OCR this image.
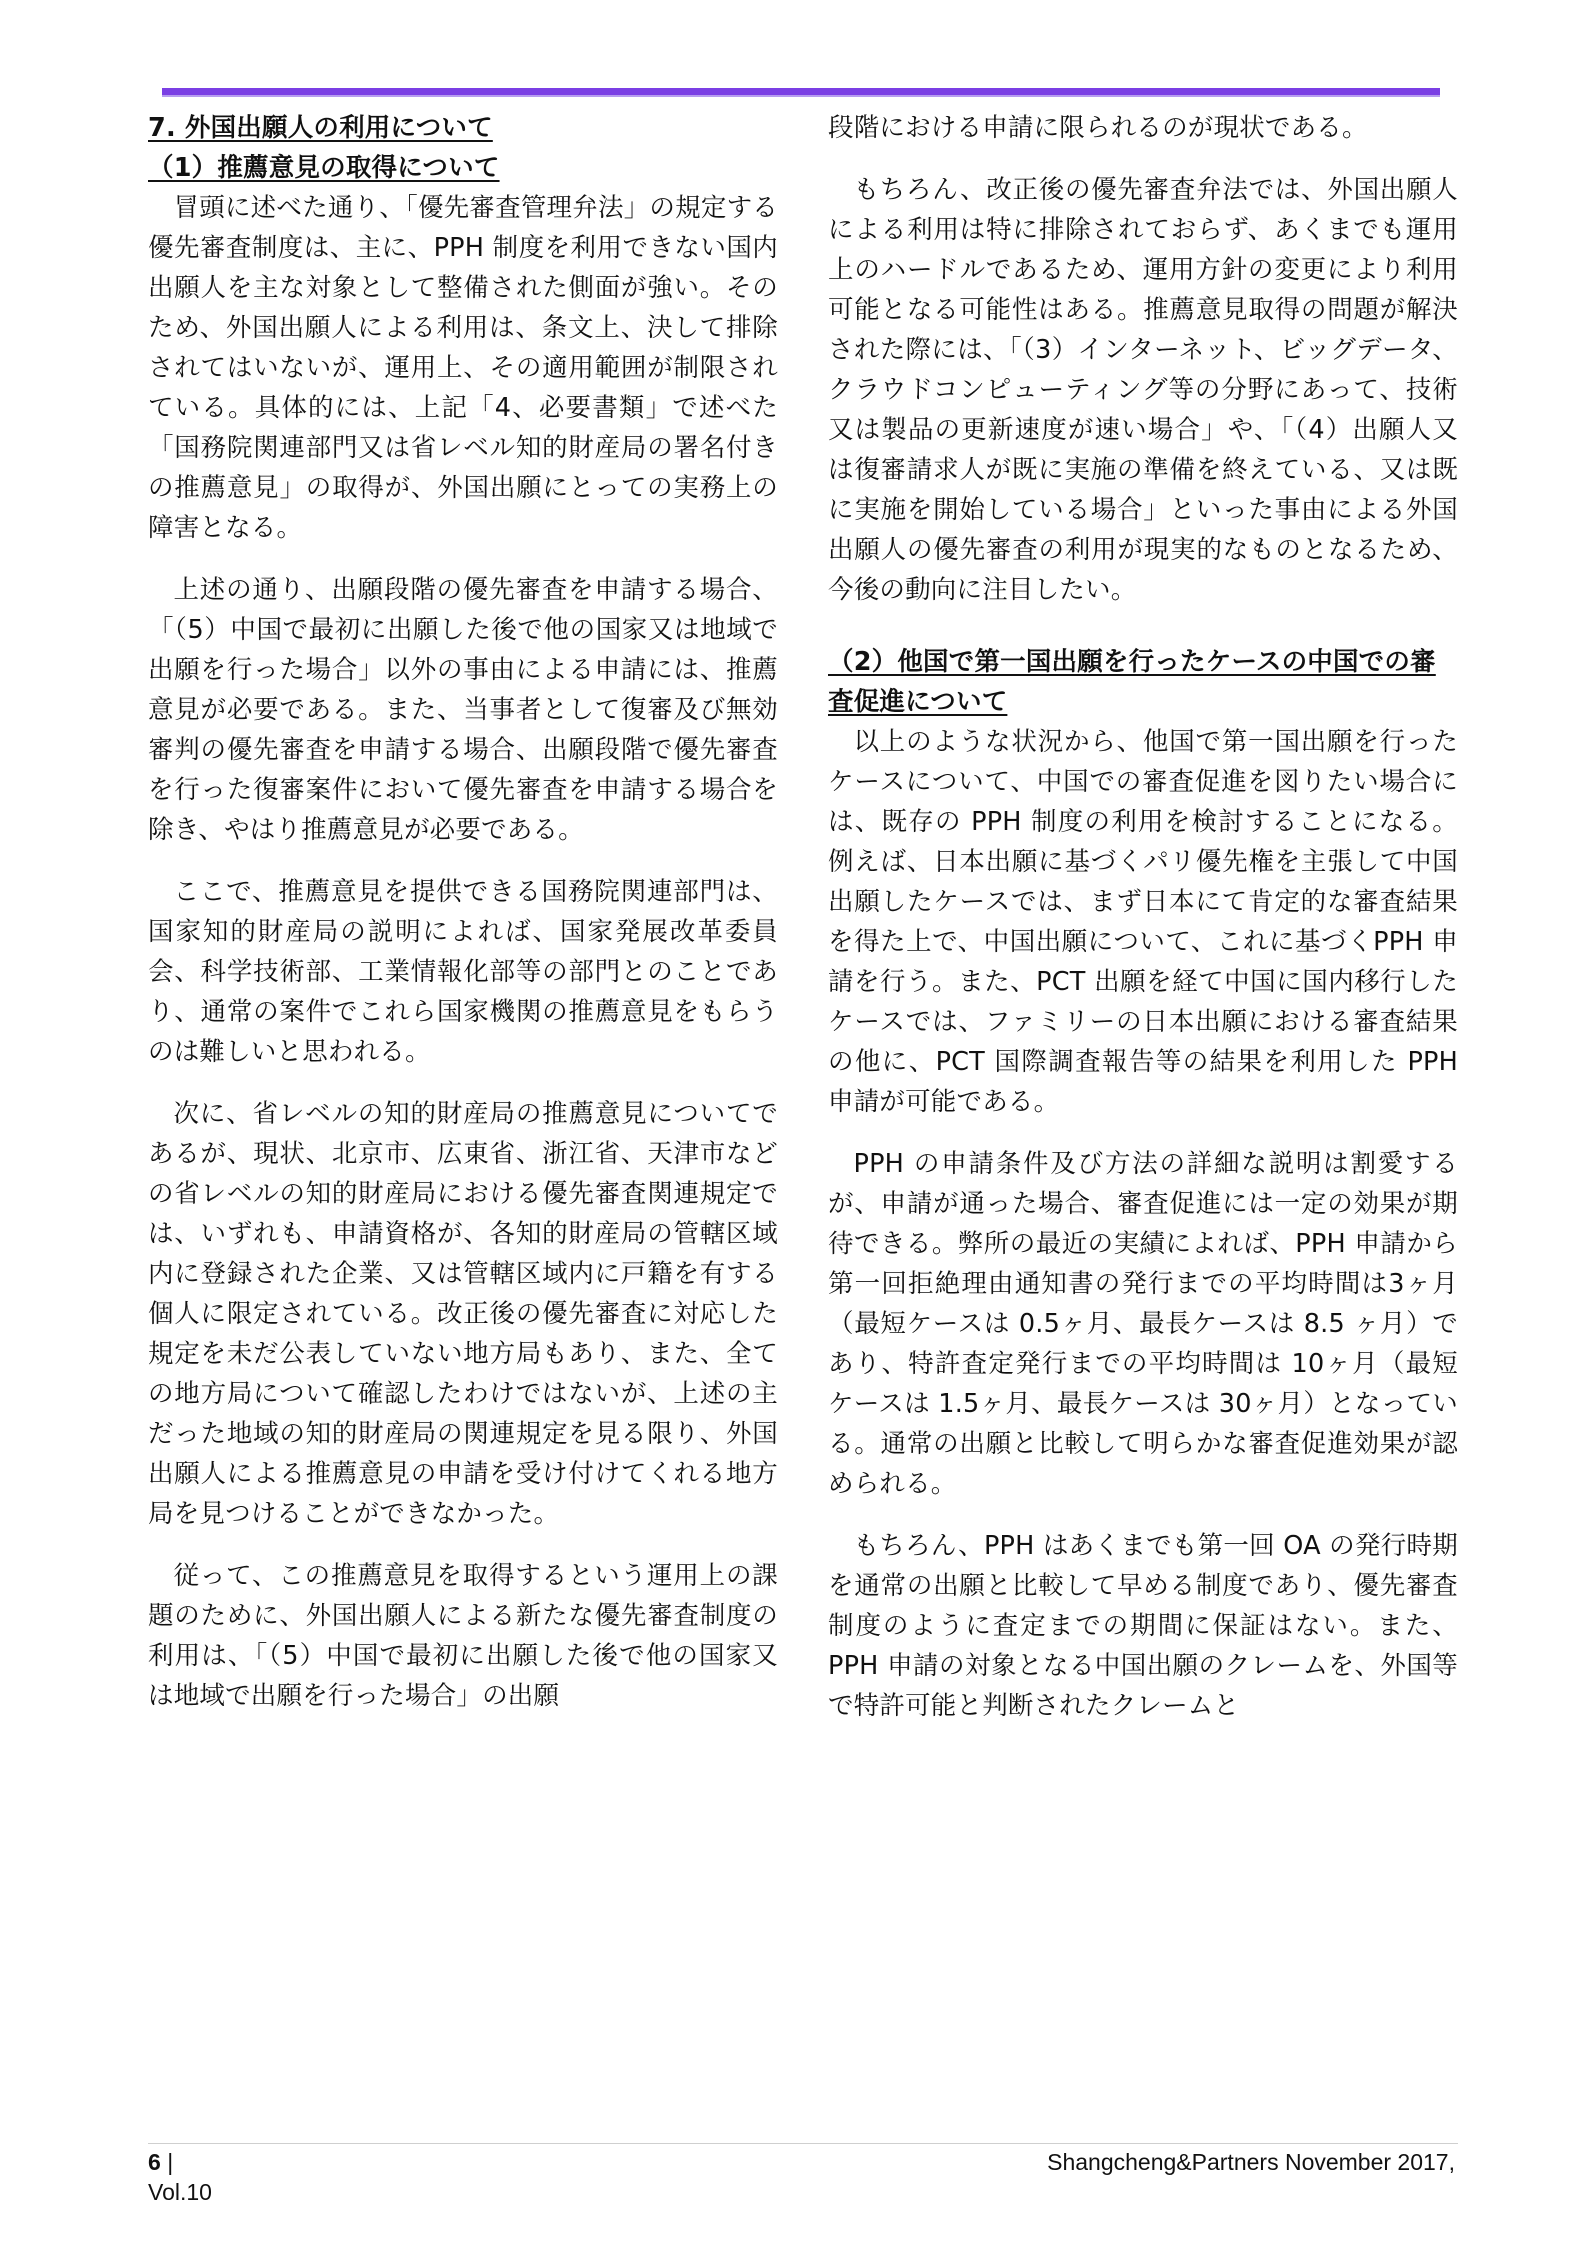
7. 外国出願人の利用について
（1）推薦意見の取得について

冒頭に述べた通り、「優先審査管理弁法」の規定する優先審査制度は、主に、PPH 制度を利用できない国内出願人を主な対象として整備された側面が強い。そのため、外国出願人による利用は、条文上、決して排除されてはいないが、運用上、その適用範囲が制限されている。具体的には、上記「4、必要書類」で述べた「国務院関連部門又は省レベル知的財産局の署名付きの推薦意見」の取得が、外国出願にとっての実務上の障害となる。

上述の通り、出願段階の優先審査を申請する場合、「（5）中国で最初に出願した後で他の国家又は地域で出願を行った場合」以外の事由による申請には、推薦意見が必要である。また、当事者として復審及び無効審判の優先審査を申請する場合、出願段階で優先審査を行った復審案件において優先審査を申請する場合を除き、やはり推薦意見が必要である。

ここで、推薦意見を提供できる国務院関連部門は、国家知的財産局の説明によれば、国家発展改革委員会、科学技術部、工業情報化部等の部門とのことであり、通常の案件でこれら国家機関の推薦意見をもらうのは難しいと思われる。

次に、省レベルの知的財産局の推薦意見についてであるが、現状、北京市、広東省、浙江省、天津市などの省レベルの知的財産局における優先審査関連規定では、いずれも、申請資格が、各知的財産局の管轄区域内に登録された企業、又は管轄区域内に戸籍を有する個人に限定されている。改正後の優先審査に対応した規定を未だ公表していない地方局もあり、また、全ての地方局について確認したわけではないが、上述の主だった地域の知的財産局の関連規定を見る限り、外国出願人による推薦意見の申請を受け付けてくれる地方局を見つけることができなかった。

従って、この推薦意見を取得するという運用上の課題のために、外国出願人による新たな優先審査制度の利用は、「（5）中国で最初に出願した後で他の国家又は地域で出願を行った場合」の出願

段階における申請に限られるのが現状である。

もちろん、改正後の優先審査弁法では、外国出願人による利用は特に排除されておらず、あくまでも運用上のハードルであるため、運用方針の変更により利用可能となる可能性はある。推薦意見取得の問題が解決された際には、「（3）インターネット、ビッグデータ、クラウドコンピューティング等の分野にあって、技術又は製品の更新速度が速い場合」や、「（4）出願人又は復審請求人が既に実施の準備を終えている、又は既に実施を開始している場合」といった事由による外国出願人の優先審査の利用が現実的なものとなるため、今後の動向に注目したい。

（2）他国で第一国出願を行ったケースの中国での審査促進について

以上のような状況から、他国で第一国出願を行ったケースについて、中国での審査促進を図りたい場合には、既存の PPH 制度の利用を検討することになる。例えば、日本出願に基づくパリ優先権を主張して中国出願したケースでは、まず日本にて肯定的な審査結果を得た上で、中国出願について、これに基づくPPH 申請を行う。また、PCT 出願を経て中国に国内移行したケースでは、ファミリーの日本出願における審査結果の他に、PCT 国際調査報告等の結果を利用した PPH 申請が可能である。

PPH の申請条件及び方法の詳細な説明は割愛するが、申請が通った場合、審査促進には一定の効果が期待できる。弊所の最近の実績によれば、PPH 申請から第一回拒絶理由通知書の発行までの平均時間は3ヶ月（最短ケースは 0.5ヶ月、最長ケースは 8.5 ヶ月）であり、特許査定発行までの平均時間は 10ヶ月（最短ケースは 1.5ヶ月、最長ケースは 30ヶ月）となっている。通常の出願と比較して明らかな審査促進効果が認められる。

もちろん、PPH はあくまでも第一回 OA の発行時期を通常の出願と比較して早める制度であり、優先審査制度のように査定までの期間に保証はない。また、PPH 申請の対象となる中国出願のクレームを、外国等で特許可能と判断されたクレームと

6 |
Vol.10
Shangcheng&Partners November 2017,
